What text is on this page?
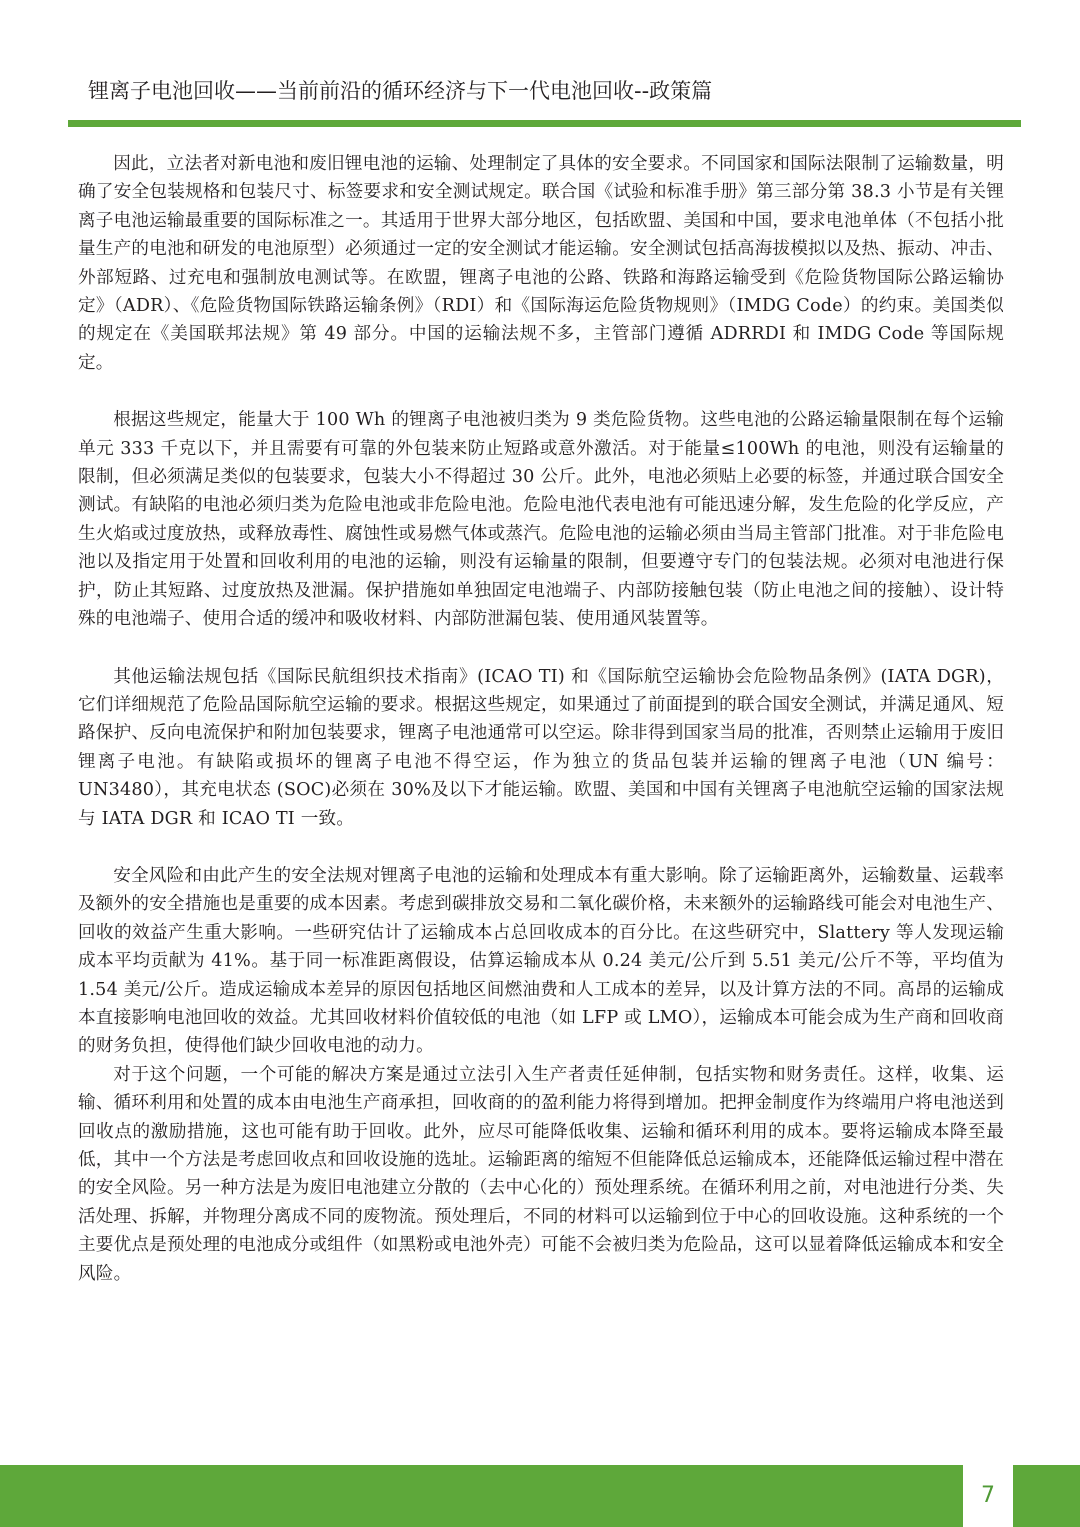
锂离子电池回收——当前前沿的循环经济与下一代电池回收--政策篇

因此，立法者对新电池和废旧锂电池的运输、处理制定了具体的安全要求。不同国家和国际法限制了运输数量，明确了安全包装规格和包装尺寸、标签要求和安全测试规定。联合国《试验和标准手册》第三部分第 38.3 小节是有关锂离子电池运输最重要的国际标准之一。其适用于世界大部分地区，包括欧盟、美国和中国，要求电池单体（不包括小批量生产的电池和研发的电池原型）必须通过一定的安全测试才能运输。安全测试包括高海拔模拟以及热、振动、冲击、外部短路、过充电和强制放电测试等。在欧盟，锂离子电池的公路、铁路和海路运输受到《危险货物国际公路运输协定》（ADR）、《危险货物国际铁路运输条例》（RDI）和《国际海运危险货物规则》（IMDG Code）的约束。美国类似的规定在《美国联邦法规》第 49 部分。中国的运输法规不多，主管部门遵循 ADRRDI 和 IMDG Code 等国际规定。

根据这些规定，能量大于 100 Wh 的锂离子电池被归类为 9 类危险货物。这些电池的公路运输量限制在每个运输单元 333 千克以下，并且需要有可靠的外包装来防止短路或意外激活。对于能量≤100Wh 的电池，则没有运输量的限制，但必须满足类似的包装要求，包装大小不得超过 30 公斤。此外，电池必须贴上必要的标签，并通过联合国安全测试。有缺陷的电池必须归类为危险电池或非危险电池。危险电池代表电池有可能迅速分解，发生危险的化学反应，产生火焰或过度放热，或释放毒性、腐蚀性或易燃气体或蒸汽。危险电池的运输必须由当局主管部门批准。对于非危险电池以及指定用于处置和回收利用的电池的运输，则没有运输量的限制，但要遵守专门的包装法规。必须对电池进行保护，防止其短路、过度放热及泄漏。保护措施如单独固定电池端子、内部防接触包装（防止电池之间的接触）、设计特殊的电池端子、使用合适的缓冲和吸收材料、内部防泄漏包装、使用通风装置等。

其他运输法规包括《国际民航组织技术指南》(ICAO TI) 和《国际航空运输协会危险物品条例》(IATA DGR)，它们详细规范了危险品国际航空运输的要求。根据这些规定，如果通过了前面提到的联合国安全测试，并满足通风、短路保护、反向电流保护和附加包装要求，锂离子电池通常可以空运。除非得到国家当局的批准，否则禁止运输用于废旧锂离子电池。有缺陷或损坏的锂离子电池不得空运，作为独立的货品包装并运输的锂离子电池（UN 编号：UN3480），其充电状态 (SOC)必须在 30%及以下才能运输。欧盟、美国和中国有关锂离子电池航空运输的国家法规与 IATA DGR 和 ICAO TI 一致。

安全风险和由此产生的安全法规对锂离子电池的运输和处理成本有重大影响。除了运输距离外，运输数量、运载率及额外的安全措施也是重要的成本因素。考虑到碳排放交易和二氧化碳价格，未来额外的运输路线可能会对电池生产、回收的效益产生重大影响。一些研究估计了运输成本占总回收成本的百分比。在这些研究中，Slattery 等人发现运输成本平均贡献为 41%。基于同一标准距离假设，估算运输成本从 0.24 美元/公斤到 5.51 美元/公斤不等，平均值为 1.54 美元/公斤。造成运输成本差异的原因包括地区间燃油费和人工成本的差异，以及计算方法的不同。高昂的运输成本直接影响电池回收的效益。尤其回收材料价值较低的电池（如 LFP 或 LMO），运输成本可能会成为生产商和回收商的财务负担，使得他们缺少回收电池的动力。

对于这个问题，一个可能的解决方案是通过立法引入生产者责任延伸制，包括实物和财务责任。这样，收集、运输、循环利用和处置的成本由电池生产商承担，回收商的的盈利能力将得到增加。把押金制度作为终端用户将电池送到回收点的激励措施，这也可能有助于回收。此外，应尽可能降低收集、运输和循环利用的成本。要将运输成本降至最低，其中一个方法是考虑回收点和回收设施的选址。运输距离的缩短不但能降低总运输成本，还能降低运输过程中潜在的安全风险。另一种方法是为废旧电池建立分散的（去中心化的）预处理系统。在循环利用之前，对电池进行分类、失活处理、拆解，并物理分离成不同的废物流。预处理后，不同的材料可以运输到位于中心的回收设施。这种系统的一个主要优点是预处理的电池成分或组件（如黑粉或电池外壳）可能不会被归类为危险品，这可以显着降低运输成本和安全风险。

7
